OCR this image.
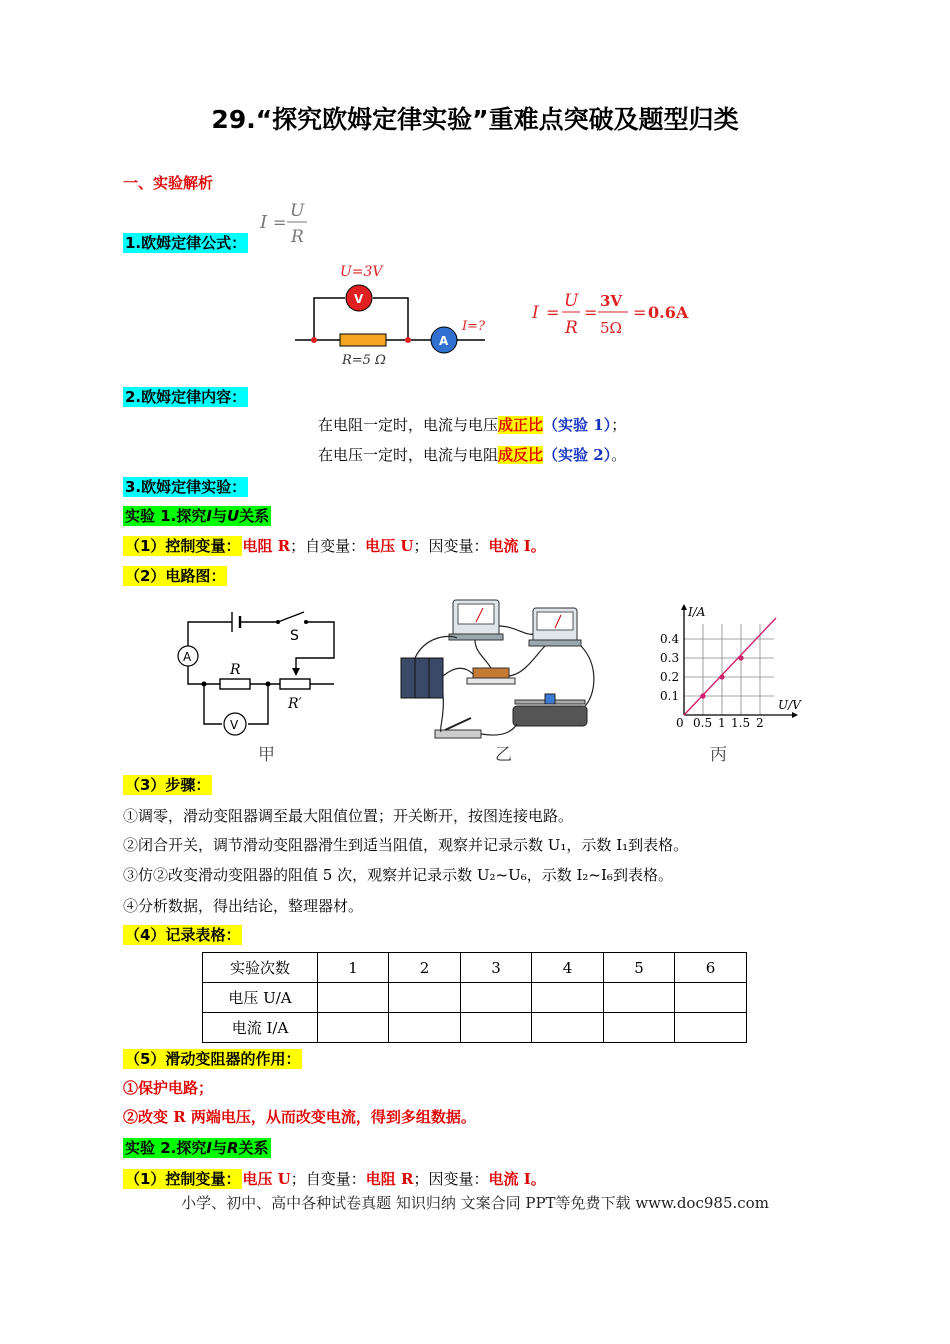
29.“探究欧姆定律实验”重难点突破及题型归类
一、实验解析
1.欧姆定律公式：
I =
U
R
U=3V
V
A
I=?
R=5 Ω
I =
U
R
=
3V
5Ω
= 0.6A
2.欧姆定律内容：
在电阻一定时，电流与电压成正比（实验 1）；
在电压一定时，电流与电阻成反比（实验 2）。
3.欧姆定律实验：
实验 1.探究I与U关系
（1）控制变量： 电阻 R；自变量：电压 U；因变量：电流 I。
（2）电路图：
A
V
S
R
R′
甲	乙
I/A
U/V
0
0.1
0.2
0.3
0.4
0.5 1 1.5 2
丙
（3）步骤：
①调零，滑动变阻器调至最大阻值位置；开关断开，按图连接电路。
②闭合开关，调节滑动变阻器滑生到适当阻值，观察并记录示数 U₁，示数 I₁到表格。
③仿②改变滑动变阻器的阻值 5 次，观察并记录示数 U₂~U₆，示数 I₂~I₆到表格。
④分析数据，得出结论，整理器材。
（4）记录表格：
实验次数	1	2	3	4	5	6
电压 U/A						
电流 I/A						
（5）滑动变阻器的作用：
①保护电路；
②改变 R 两端电压，从而改变电流，得到多组数据。
实验 2.探究I与R关系
（1）控制变量： 电压 U；自变量：电阻 R；因变量：电流 I。
小学、初中、高中各种试卷真题 知识归纳 文案合同 PPT等免费下载 www.doc985.com
